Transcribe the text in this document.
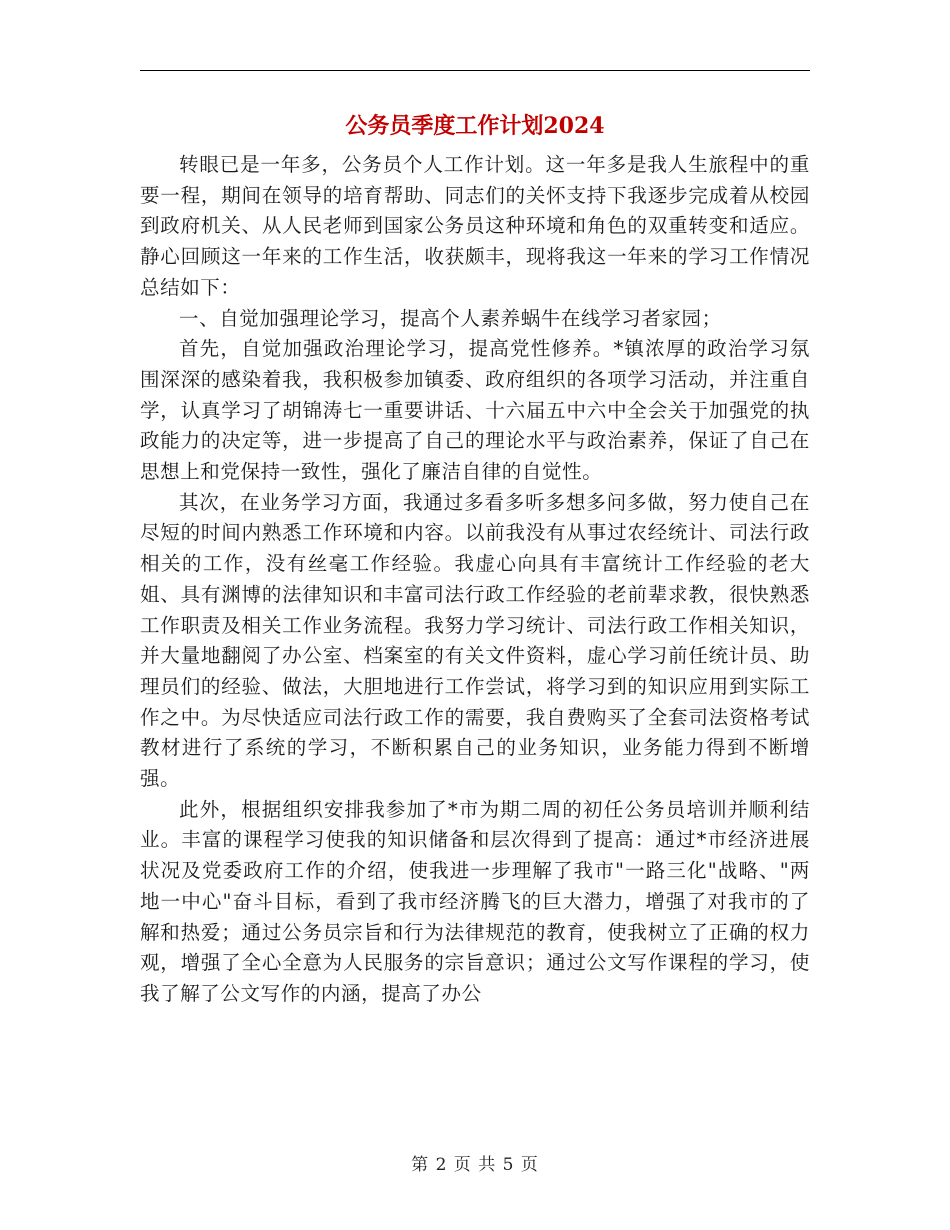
公务员季度工作计划2024

转眼已是一年多，公务员个人工作计划。这一年多是我人生旅程中的重要一程，期间在领导的培育帮助、同志们的关怀支持下我逐步完成着从校园到政府机关、从人民老师到国家公务员这种环境和角色的双重转变和适应。静心回顾这一年来的工作生活，收获颇丰，现将我这一年来的学习工作情况总结如下：

一、自觉加强理论学习，提高个人素养蜗牛在线学习者家园；

首先，自觉加强政治理论学习，提高党性修养。*镇浓厚的政治学习氛围深深的感染着我，我积极参加镇委、政府组织的各项学习活动，并注重自学，认真学习了胡锦涛七一重要讲话、十六届五中六中全会关于加强党的执政能力的决定等，进一步提高了自己的理论水平与政治素养，保证了自己在思想上和党保持一致性，强化了廉洁自律的自觉性。

其次，在业务学习方面，我通过多看多听多想多问多做，努力使自己在尽短的时间内熟悉工作环境和内容。以前我没有从事过农经统计、司法行政相关的工作，没有丝毫工作经验。我虚心向具有丰富统计工作经验的老大姐、具有渊博的法律知识和丰富司法行政工作经验的老前辈求教，很快熟悉工作职责及相关工作业务流程。我努力学习统计、司法行政工作相关知识，并大量地翻阅了办公室、档案室的有关文件资料，虚心学习前任统计员、助理员们的经验、做法，大胆地进行工作尝试，将学习到的知识应用到实际工作之中。为尽快适应司法行政工作的需要，我自费购买了全套司法资格考试教材进行了系统的学习，不断积累自己的业务知识，业务能力得到不断增强。

此外，根据组织安排我参加了*市为期二周的初任公务员培训并顺利结业。丰富的课程学习使我的知识储备和层次得到了提高：通过*市经济进展状况及党委政府工作的介绍，使我进一步理解了我市"一路三化"战略、"两地一中心"奋斗目标，看到了我市经济腾飞的巨大潜力，增强了对我市的了解和热爱；通过公务员宗旨和行为法律规范的教育，使我树立了正确的权力观，增强了全心全意为人民服务的宗旨意识；通过公文写作课程的学习，使我了解了公文写作的内涵，提高了办公

第 2 页 共 5 页
